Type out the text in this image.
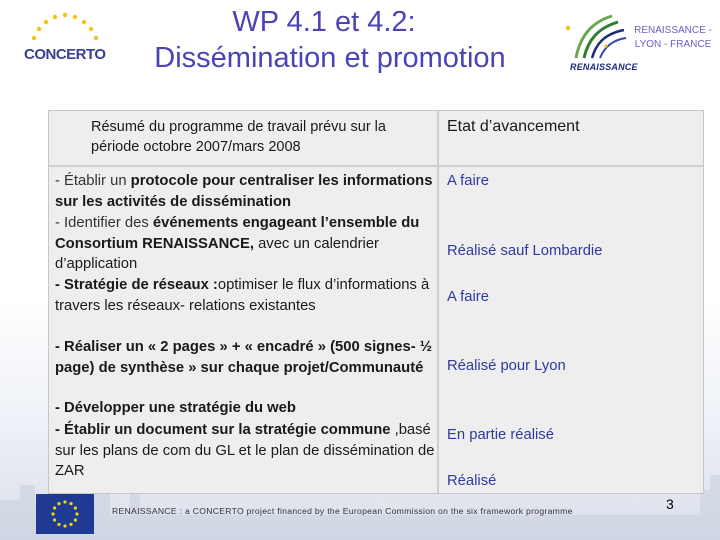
CONCERTO
WP 4.1 et 4.2:
Dissémination et promotion	RENAISSANCE
RENAISSANCE - LYON - FRANCE
Résumé du programme de travail prévu sur la période octobre 2007/mars 2008
Etat d’avancement
- Établir un protocole pour centraliser les informations sur les activités de dissémination
- Identifier des événements engageant l’ensemble du Consortium RENAISSANCE, avec un calendrier d’application
- Stratégie de réseaux :optimiser le flux d’informations à travers les réseaux- relations existantes
- Réaliser un « 2 pages » + « encadré » (500 signes- ½ page) de synthèse » sur chaque projet/Communauté
- Développer une stratégie du web
- Établir un document sur la stratégie commune ,basé sur les plans de com du GL et le plan de dissémination de ZAR
A faire
Réalisé sauf Lombardie
A faire
Réalisé pour Lyon
En partie réalisé
Réalisé
RENAISSANCE : a CONCERTO project financed by the European Commission on the six framework programme	3
